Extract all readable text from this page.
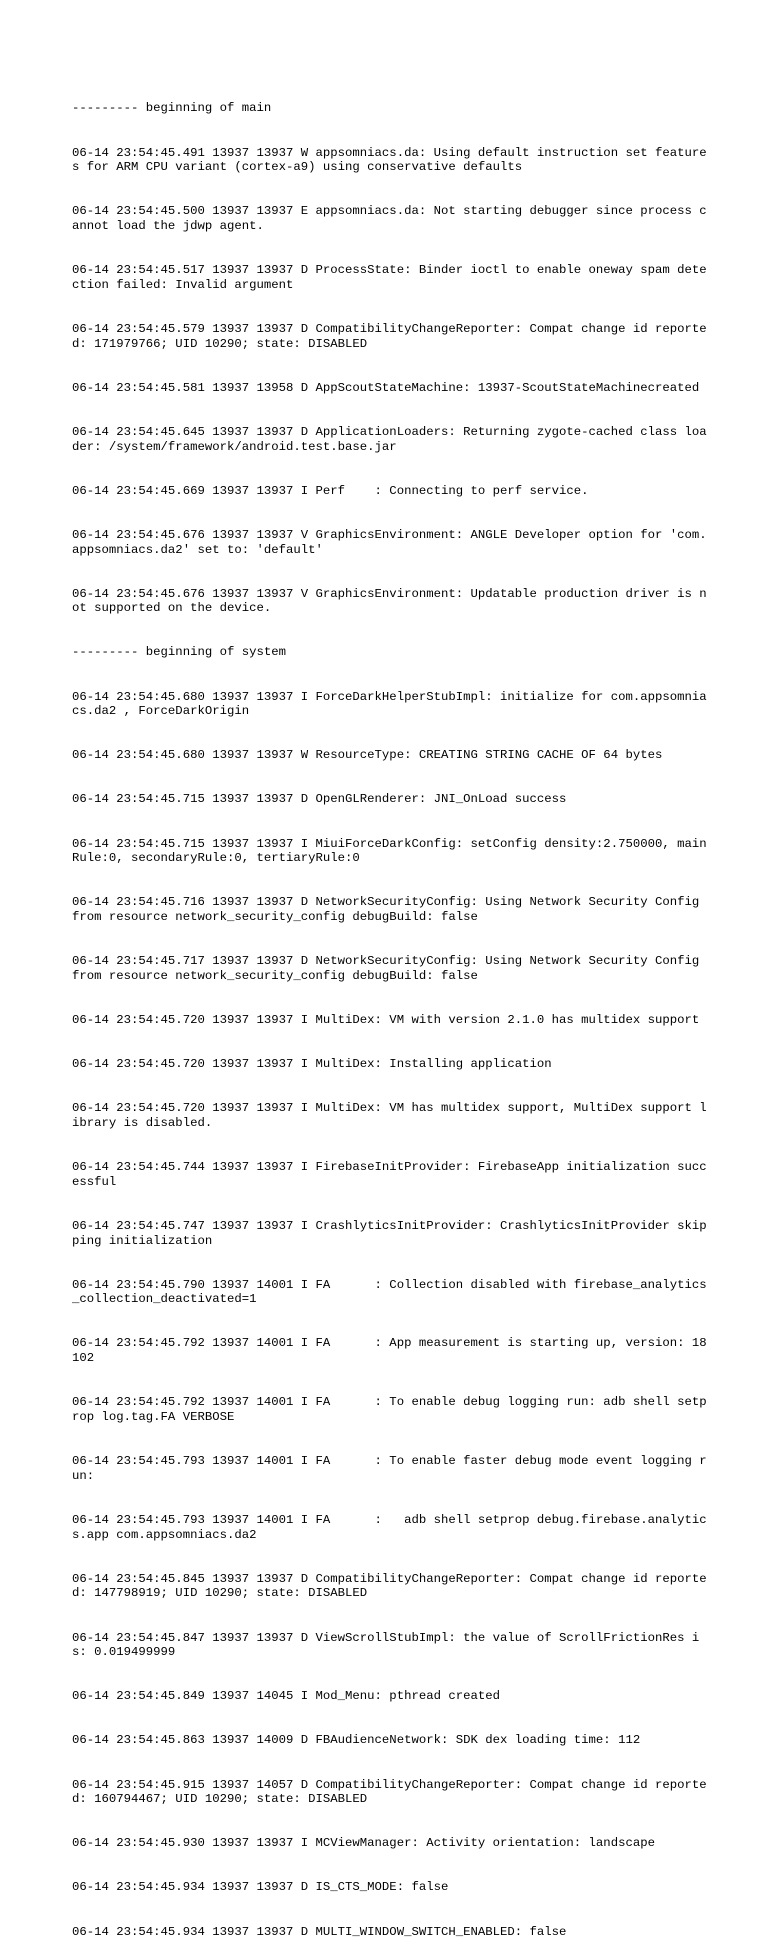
--------- beginning of main

06-14 23:54:45.491 13937 13937 W appsomniacs.da: Using default instruction set features for ARM CPU variant (cortex-a9) using conservative defaults

06-14 23:54:45.500 13937 13937 E appsomniacs.da: Not starting debugger since process cannot load the jdwp agent.

06-14 23:54:45.517 13937 13937 D ProcessState: Binder ioctl to enable oneway spam detection failed: Invalid argument

06-14 23:54:45.579 13937 13937 D CompatibilityChangeReporter: Compat change id reported: 171979766; UID 10290; state: DISABLED

06-14 23:54:45.581 13937 13958 D AppScoutStateMachine: 13937-ScoutStateMachinecreated

06-14 23:54:45.645 13937 13937 D ApplicationLoaders: Returning zygote-cached class loader: /system/framework/android.test.base.jar

06-14 23:54:45.669 13937 13937 I Perf    : Connecting to perf service.

06-14 23:54:45.676 13937 13937 V GraphicsEnvironment: ANGLE Developer option for 'com.appsomniacs.da2' set to: 'default'

06-14 23:54:45.676 13937 13937 V GraphicsEnvironment: Updatable production driver is not supported on the device.

--------- beginning of system

06-14 23:54:45.680 13937 13937 I ForceDarkHelperStubImpl: initialize for com.appsomniacs.da2 , ForceDarkOrigin

06-14 23:54:45.680 13937 13937 W ResourceType: CREATING STRING CACHE OF 64 bytes

06-14 23:54:45.715 13937 13937 D OpenGLRenderer: JNI_OnLoad success

06-14 23:54:45.715 13937 13937 I MiuiForceDarkConfig: setConfig density:2.750000, mainRule:0, secondaryRule:0, tertiaryRule:0

06-14 23:54:45.716 13937 13937 D NetworkSecurityConfig: Using Network Security Config from resource network_security_config debugBuild: false

06-14 23:54:45.717 13937 13937 D NetworkSecurityConfig: Using Network Security Config from resource network_security_config debugBuild: false

06-14 23:54:45.720 13937 13937 I MultiDex: VM with version 2.1.0 has multidex support

06-14 23:54:45.720 13937 13937 I MultiDex: Installing application

06-14 23:54:45.720 13937 13937 I MultiDex: VM has multidex support, MultiDex support library is disabled.

06-14 23:54:45.744 13937 13937 I FirebaseInitProvider: FirebaseApp initialization successful

06-14 23:54:45.747 13937 13937 I CrashlyticsInitProvider: CrashlyticsInitProvider skipping initialization

06-14 23:54:45.790 13937 14001 I FA      : Collection disabled with firebase_analytics_collection_deactivated=1

06-14 23:54:45.792 13937 14001 I FA      : App measurement is starting up, version: 18102

06-14 23:54:45.792 13937 14001 I FA      : To enable debug logging run: adb shell setprop log.tag.FA VERBOSE

06-14 23:54:45.793 13937 14001 I FA      : To enable faster debug mode event logging run:

06-14 23:54:45.793 13937 14001 I FA      :   adb shell setprop debug.firebase.analytics.app com.appsomniacs.da2

06-14 23:54:45.845 13937 13937 D CompatibilityChangeReporter: Compat change id reported: 147798919; UID 10290; state: DISABLED

06-14 23:54:45.847 13937 13937 D ViewScrollStubImpl: the value of ScrollFrictionRes is: 0.019499999

06-14 23:54:45.849 13937 14045 I Mod_Menu: pthread created

06-14 23:54:45.863 13937 14009 D FBAudienceNetwork: SDK dex loading time: 112

06-14 23:54:45.915 13937 14057 D CompatibilityChangeReporter: Compat change id reported: 160794467; UID 10290; state: DISABLED

06-14 23:54:45.930 13937 13937 I MCViewManager: Activity orientation: landscape

06-14 23:54:45.934 13937 13937 D IS_CTS_MODE: false

06-14 23:54:45.934 13937 13937 D MULTI_WINDOW_SWITCH_ENABLED: false
